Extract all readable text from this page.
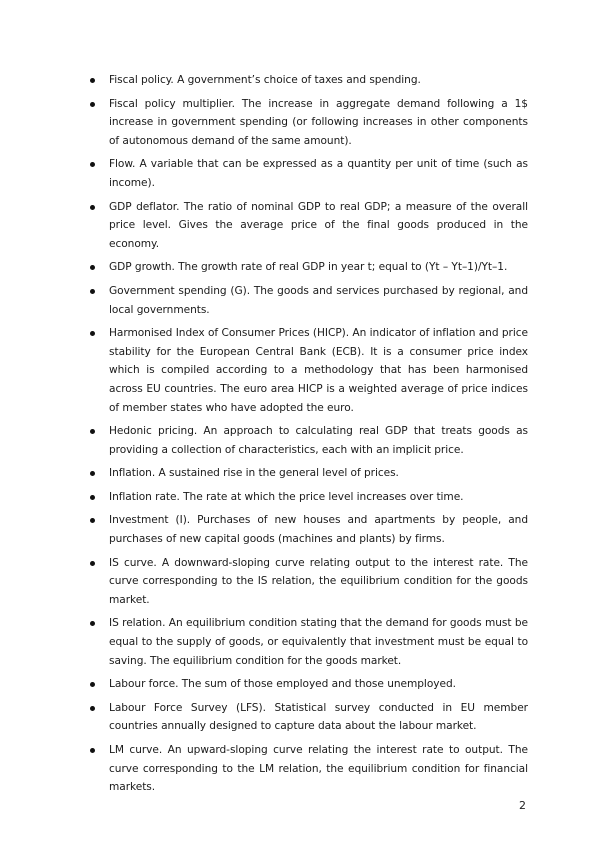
Fiscal policy. A government’s choice of taxes and spending.
Fiscal policy multiplier. The increase in aggregate demand following a 1$ increase in government spending (or following increases in other components of autonomous demand of the same amount).
Flow. A variable that can be expressed as a quantity per unit of time (such as income).
GDP deflator. The ratio of nominal GDP to real GDP; a measure of the overall price level. Gives the average price of the final goods produced in the economy.
GDP growth. The growth rate of real GDP in year t; equal to (Yt – Yt–1)/Yt–1.
Government spending (G). The goods and services purchased by regional, and local governments.
Harmonised Index of Consumer Prices (HICP). An indicator of inflation and price stability for the European Central Bank (ECB). It is a consumer price index which is compiled according to a methodology that has been harmonised across EU countries. The euro area HICP is a weighted average of price indices of member states who have adopted the euro.
Hedonic pricing. An approach to calculating real GDP that treats goods as providing a collection of characteristics, each with an implicit price.
Inflation. A sustained rise in the general level of prices.
Inflation rate. The rate at which the price level increases over time.
Investment (I). Purchases of new houses and apartments by people, and purchases of new capital goods (machines and plants) by firms.
IS curve. A downward-sloping curve relating output to the interest rate. The curve corresponding to the IS relation, the equilibrium condition for the goods market.
IS relation. An equilibrium condition stating that the demand for goods must be equal to the supply of goods, or equivalently that investment must be equal to saving. The equilibrium condition for the goods market.
Labour force. The sum of those employed and those unemployed.
Labour Force Survey (LFS). Statistical survey conducted in EU member countries annually designed to capture data about the labour market.
LM curve. An upward-sloping curve relating the interest rate to output. The curve corresponding to the LM relation, the equilibrium condition for financial markets.
2
